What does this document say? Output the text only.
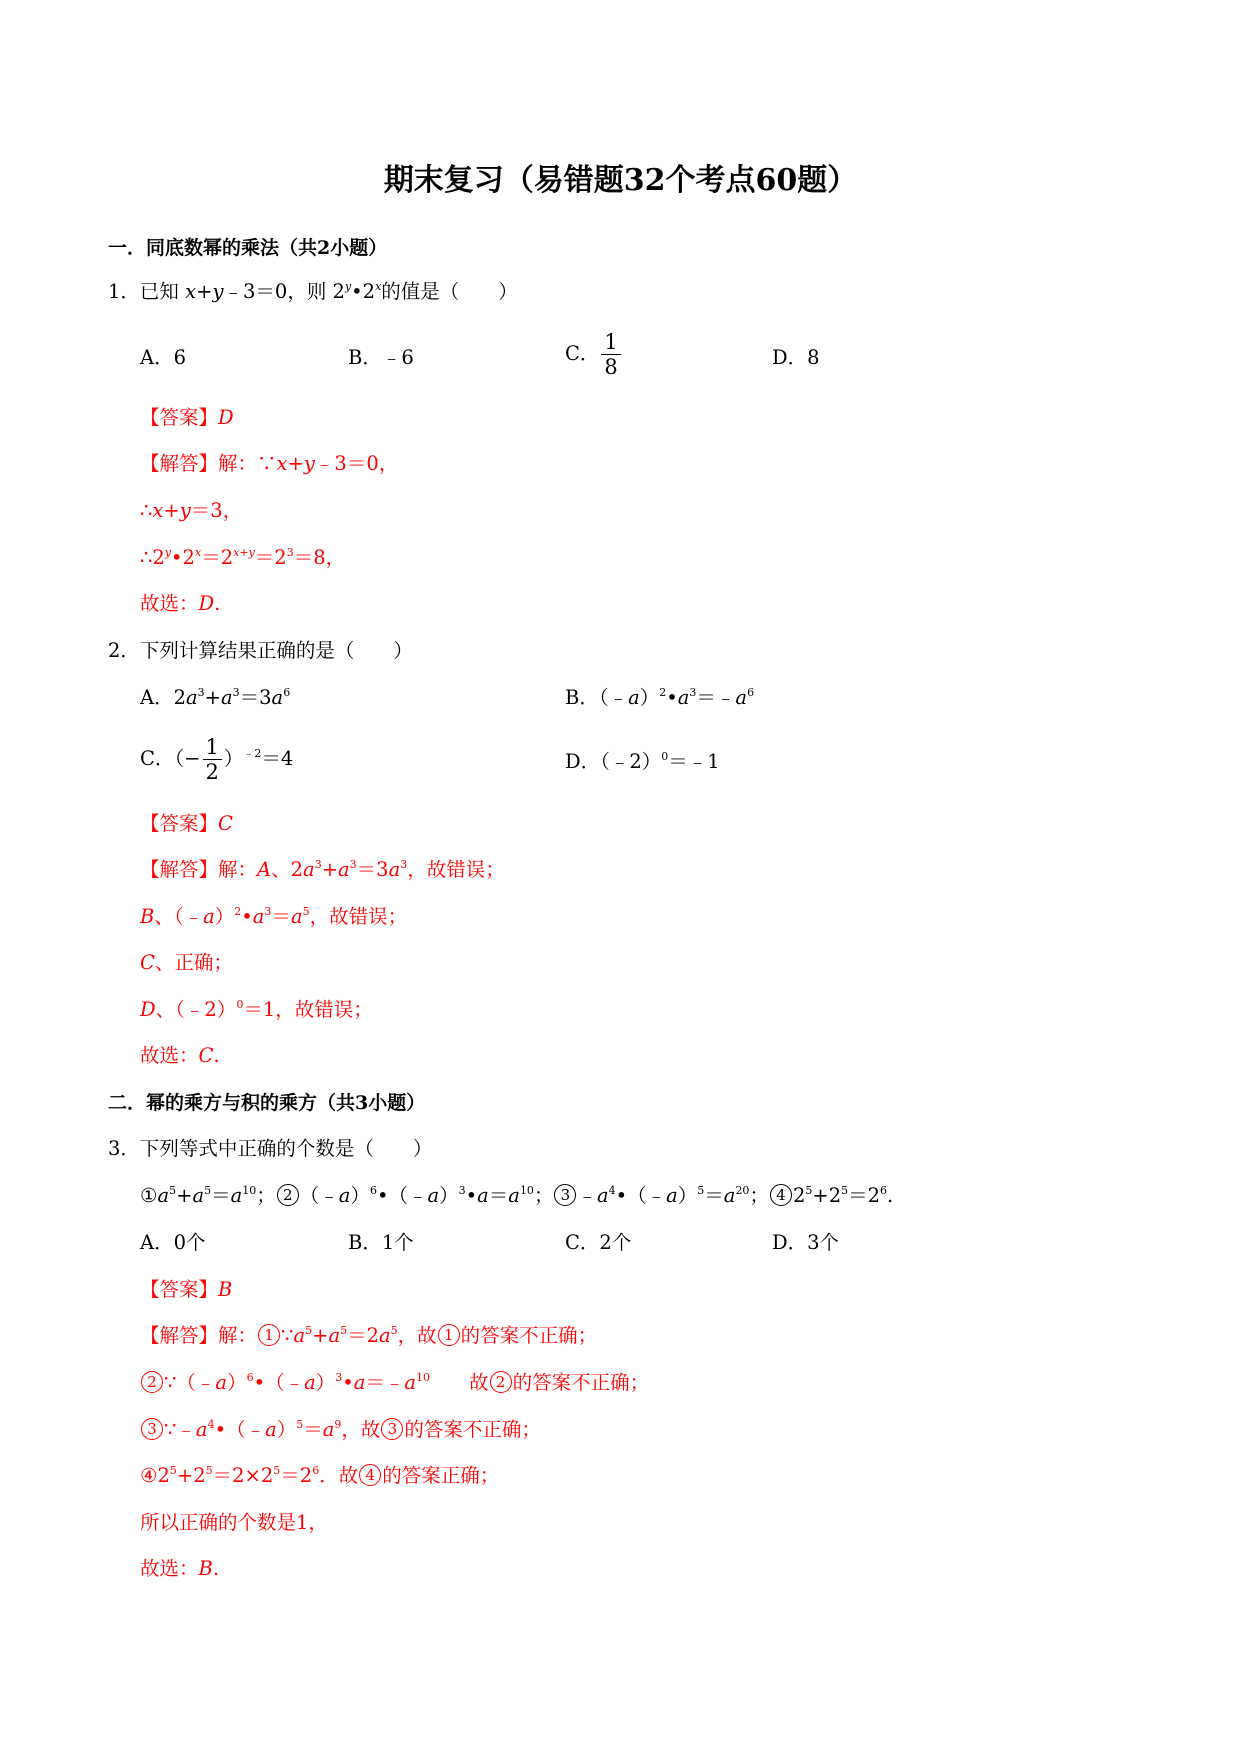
期末复习（易错题32个考点60题）
一．同底数幂的乘法（共2小题）
1．已知 x+y﹣3＝0，则 2$^y$•2$^x$的值是（　　）
A．6	B．﹣6	C． $\frac{1}{8}$	D．8
【答案】D
【解答】解：∵x+y﹣3＝0，
∴x+y＝3，
$\therefore 2^y•2^x=2^{x+y}=2^3=8$，
故选：D.
2．下列计算结果正确的是（　　）
A．$2a^3+a^3=3a^6$	B．$(﹣a)^2•a^3=﹣a^6$
C．（− $\frac{1}{2} )^{﹣2}=4$	D．（﹣2）$^0$＝﹣1
【答案】C
【解答】解：A、$2a^3+a^3=3a^3$，故错误；
B、$(﹣a)^2•a^3=a^5$，故错误；
C、正确；
D、（﹣2）$^0$＝1，故错误；
故选：C.
二．幂的乘方与积的乘方（共3小题）
3．下列等式中正确的个数是（　　）
$①a^5+a^5=a^{10}$； 2 $(﹣a)^6•(﹣a)^3•a=a^{10}$； 3 $﹣a^4•(﹣a)^5=a^{20}$； 4 $2^5+2^5=2^6$.
A．0个	B．1个	C．2个	D．3个
【答案】B
【解答】解： 1 $\because a^5+a^5=2a^5$，故 1 的答案不正确；
2 $\because(﹣a)^6•(﹣a)^3•a=﹣a^{10}$　　故 2 的答案不正确；
3 $\because﹣a^4•(﹣a)^5=a^9$，故 3 的答案不正确；
$④2^5+2^5=2\times 2^5=2^6$．故 4 的答案正确；
所以正确的个数是1，
故选：B.
